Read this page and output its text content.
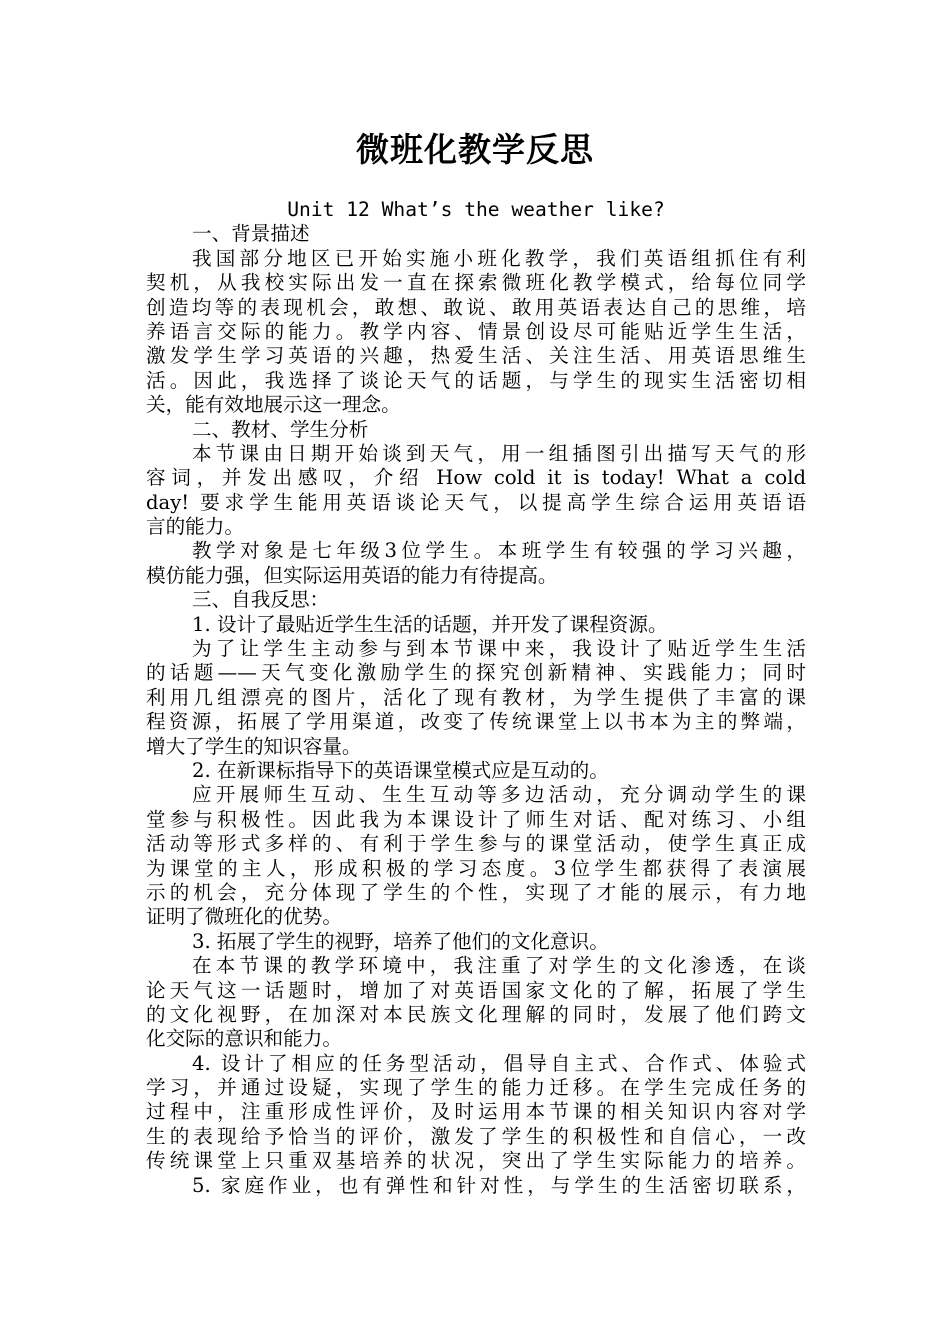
微班化教学反思
Unit 12 What’s the weather like?
一、背景描述
我国部分地区已开始实施小班化教学，我们英语组抓住有利
契机，从我校实际出发一直在探索微班化教学模式，给每位同学
创造均等的表现机会，敢想、敢说、敢用英语表达自己的思维，培
养语言交际的能力。教学内容、情景创设尽可能贴近学生生活，
激发学生学习英语的兴趣，热爱生活、关注生活、用英语思维生
活。因此，我选择了谈论天气的话题，与学生的现实生活密切相
关，能有效地展示这一理念。
二、教材、学生分析
本节课由日期开始谈到天气，用一组插图引出描写天气的形
容词，并发出感叹，介绍 How cold it is today! What a cold
day! 要求学生能用英语谈论天气，以提高学生综合运用英语语
言的能力。
教学对象是七年级3位学生。本班学生有较强的学习兴趣，
模仿能力强，但实际运用英语的能力有待提高。
三、自我反思：
1. 设计了最贴近学生生活的话题，并开发了课程资源。
为了让学生主动参与到本节课中来，我设计了贴近学生生活
的话题——天气变化激励学生的探究创新精神、实践能力；同时
利用几组漂亮的图片，活化了现有教材，为学生提供了丰富的课
程资源，拓展了学用渠道，改变了传统课堂上以书本为主的弊端，
增大了学生的知识容量。
2. 在新课标指导下的英语课堂模式应是互动的。
应开展师生互动、生生互动等多边活动，充分调动学生的课
堂参与积极性。因此我为本课设计了师生对话、配对练习、小组
活动等形式多样的、有利于学生参与的课堂活动，使学生真正成
为课堂的主人，形成积极的学习态度。3位学生都获得了表演展
示的机会，充分体现了学生的个性，实现了才能的展示，有力地
证明了微班化的优势。
3. 拓展了学生的视野，培养了他们的文化意识。
在本节课的教学环境中，我注重了对学生的文化渗透，在谈
论天气这一话题时，增加了对英语国家文化的了解，拓展了学生
的文化视野，在加深对本民族文化理解的同时，发展了他们跨文
化交际的意识和能力。
4. 设计了相应的任务型活动，倡导自主式、合作式、体验式
学习，并通过设疑，实现了学生的能力迁移。在学生完成任务的
过程中，注重形成性评价，及时运用本节课的相关知识内容对学
生的表现给予恰当的评价，激发了学生的积极性和自信心，一改
传统课堂上只重双基培养的状况，突出了学生实际能力的培养。
5. 家庭作业，也有弹性和针对性，与学生的生活密切联系，
